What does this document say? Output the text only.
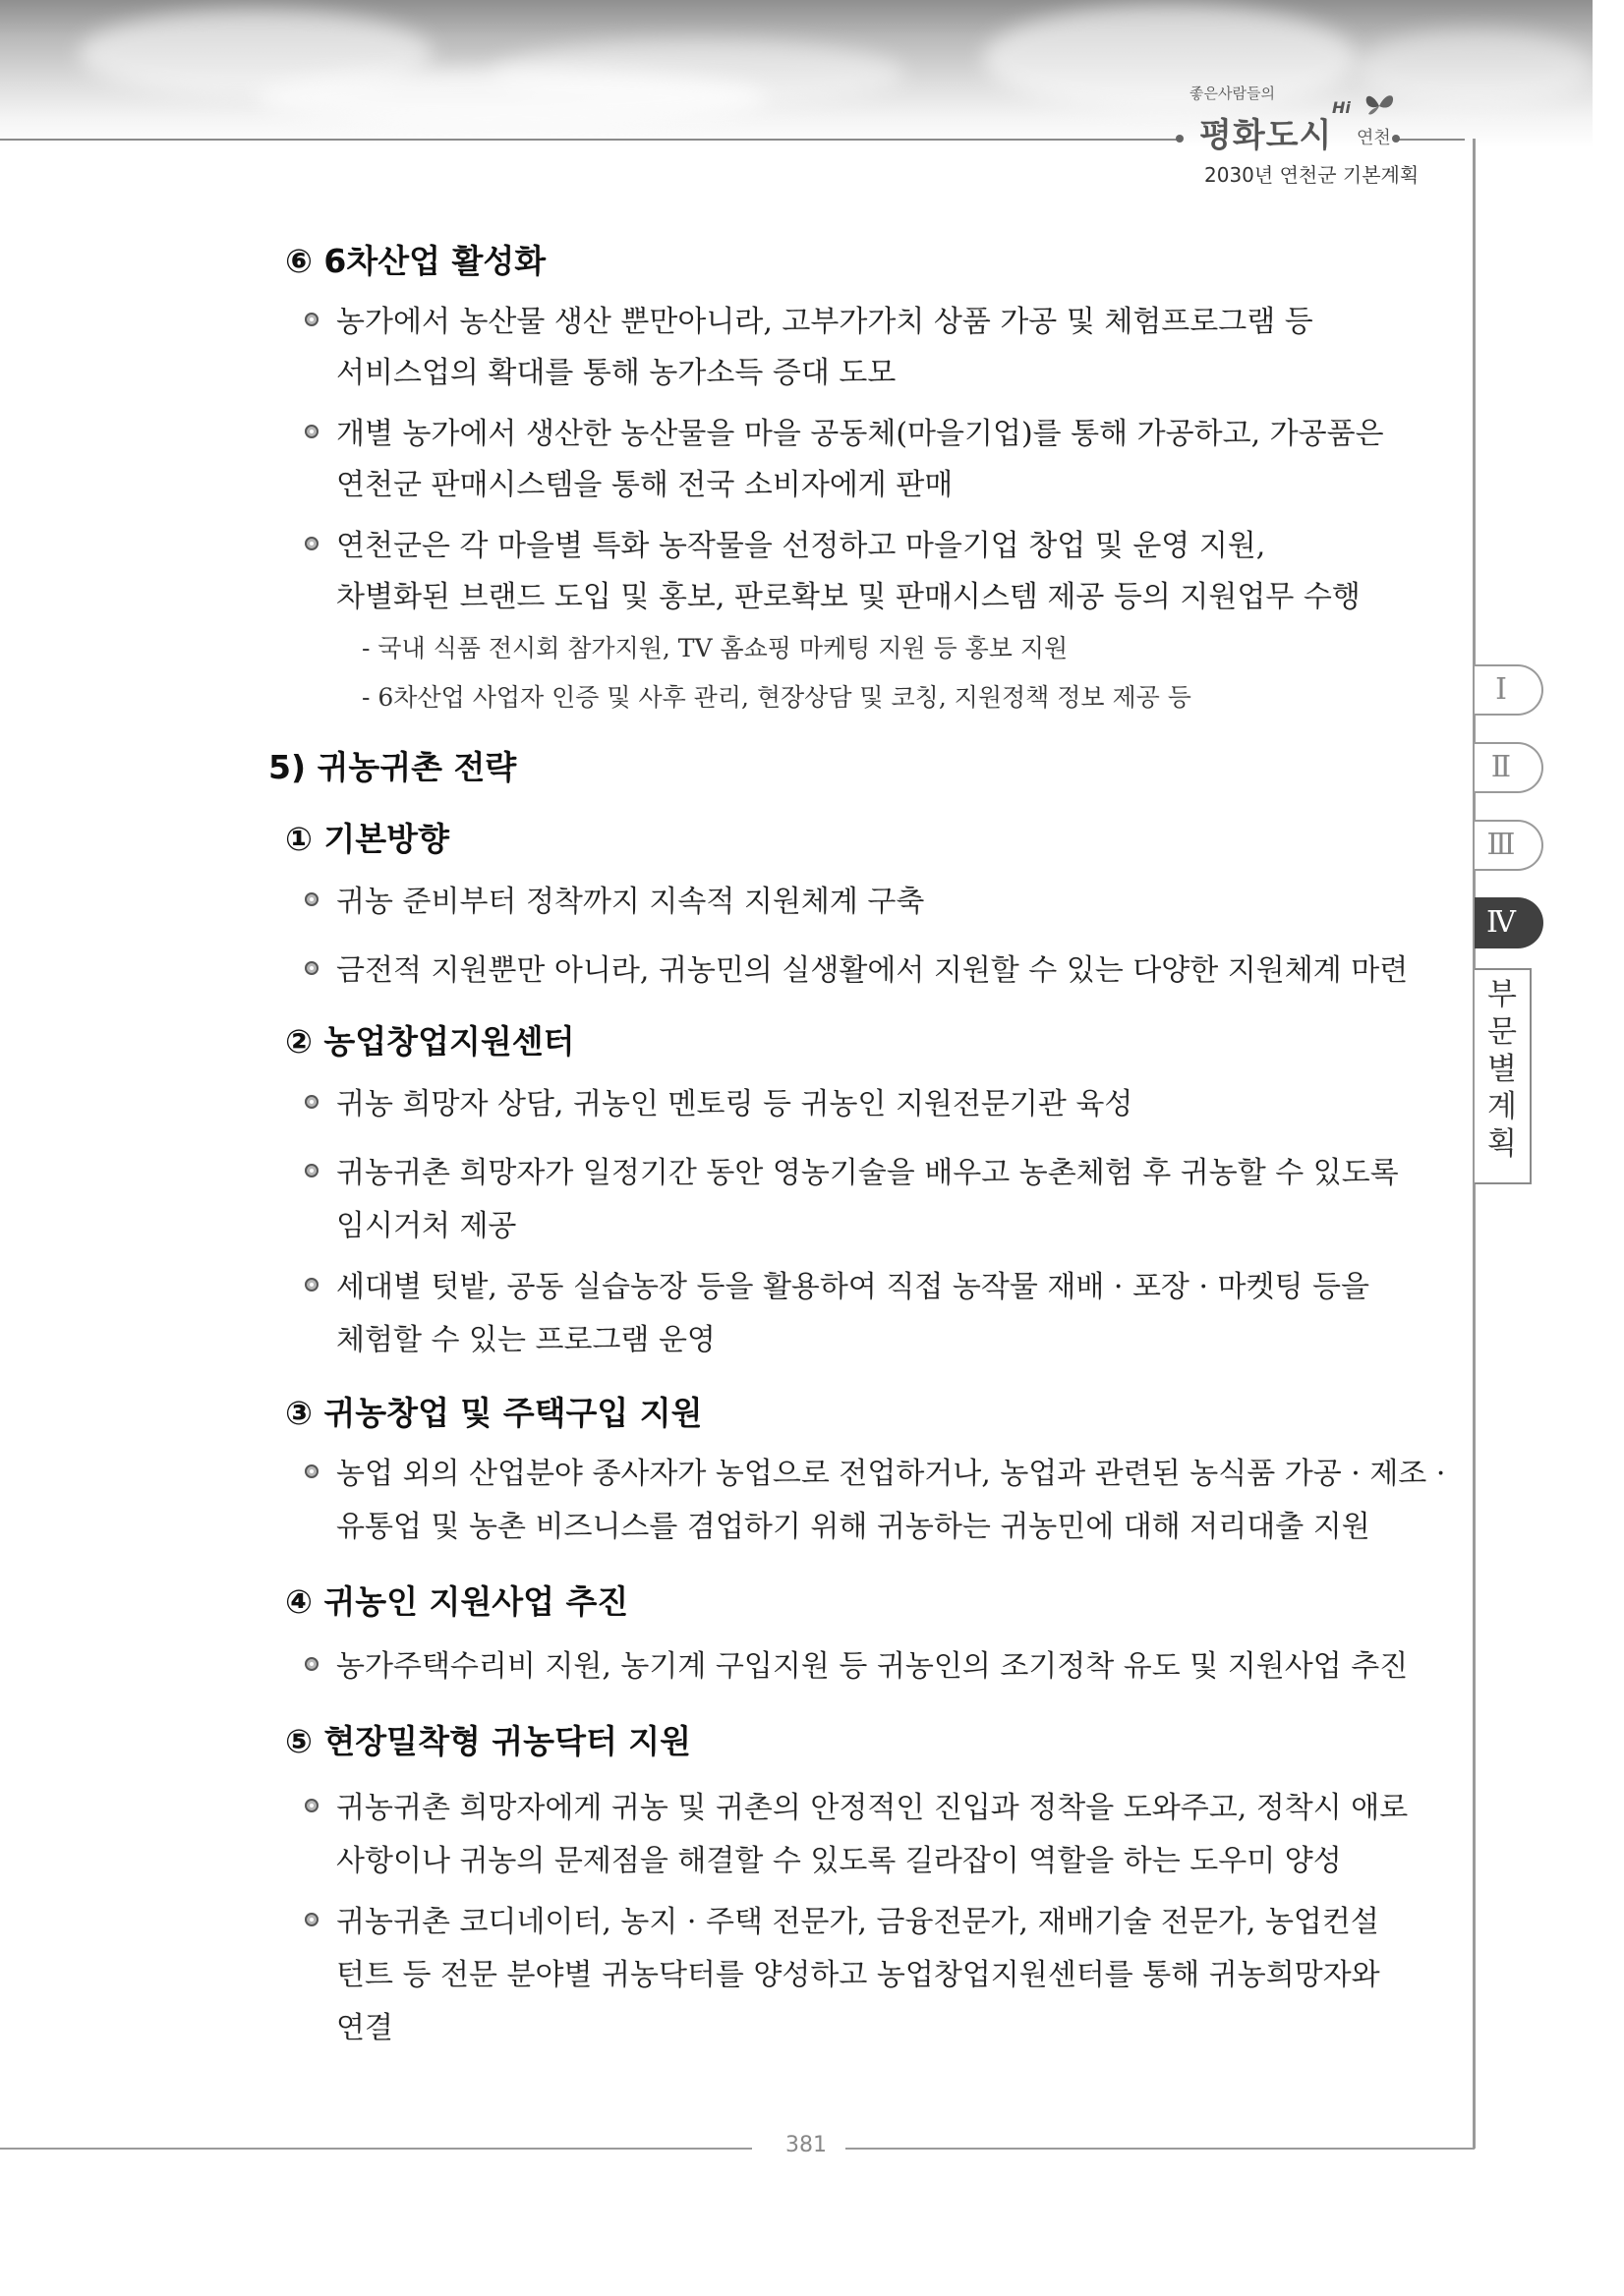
좋은사람들의
평화도시
Hi
연천
2030년 연천군 기본계획
381
Ⅰ
Ⅱ
Ⅲ
Ⅳ
부문별 계획
⑥ 6차산업 활성화
농가에서 농산물 생산 뿐만아니라, 고부가가치 상품 가공 및 체험프로그램 등
서비스업의 확대를 통해 농가소득 증대 도모
개별 농가에서 생산한 농산물을 마을 공동체(마을기업)를 통해 가공하고, 가공품은
연천군 판매시스템을 통해 전국 소비자에게 판매
연천군은 각 마을별 특화 농작물을 선정하고 마을기업 창업 및 운영 지원,
차별화된 브랜드 도입 및 홍보, 판로확보 및 판매시스템 제공 등의 지원업무 수행
- 국내 식품 전시회 참가지원, TV 홈쇼핑 마케팅 지원 등 홍보 지원
- 6차산업 사업자 인증 및 사후 관리, 현장상담 및 코칭, 지원정책 정보 제공 등
5) 귀농귀촌 전략
① 기본방향
귀농 준비부터 정착까지 지속적 지원체계 구축
금전적 지원뿐만 아니라, 귀농민의 실생활에서 지원할 수 있는 다양한 지원체계 마련
② 농업창업지원센터
귀농 희망자 상담, 귀농인 멘토링 등 귀농인 지원전문기관 육성
귀농귀촌 희망자가 일정기간 동안 영농기술을 배우고 농촌체험 후 귀농할 수 있도록
임시거처 제공
세대별 텃밭, 공동 실습농장 등을 활용하여 직접 농작물 재배 · 포장 · 마켓팅 등을
체험할 수 있는 프로그램 운영
③ 귀농창업 및 주택구입 지원
농업 외의 산업분야 종사자가 농업으로 전업하거나, 농업과 관련된 농식품 가공 · 제조 ·
유통업 및 농촌 비즈니스를 겸업하기 위해 귀농하는 귀농민에 대해 저리대출 지원
④ 귀농인 지원사업 추진
농가주택수리비 지원, 농기계 구입지원 등 귀농인의 조기정착 유도 및 지원사업 추진
⑤ 현장밀착형 귀농닥터 지원
귀농귀촌 희망자에게 귀농 및 귀촌의 안정적인 진입과 정착을 도와주고, 정착시 애로
사항이나 귀농의 문제점을 해결할 수 있도록 길라잡이 역할을 하는 도우미 양성
귀농귀촌 코디네이터, 농지 · 주택 전문가, 금융전문가, 재배기술 전문가, 농업컨설
턴트 등 전문 분야별 귀농닥터를 양성하고 농업창업지원센터를 통해 귀농희망자와
연결
